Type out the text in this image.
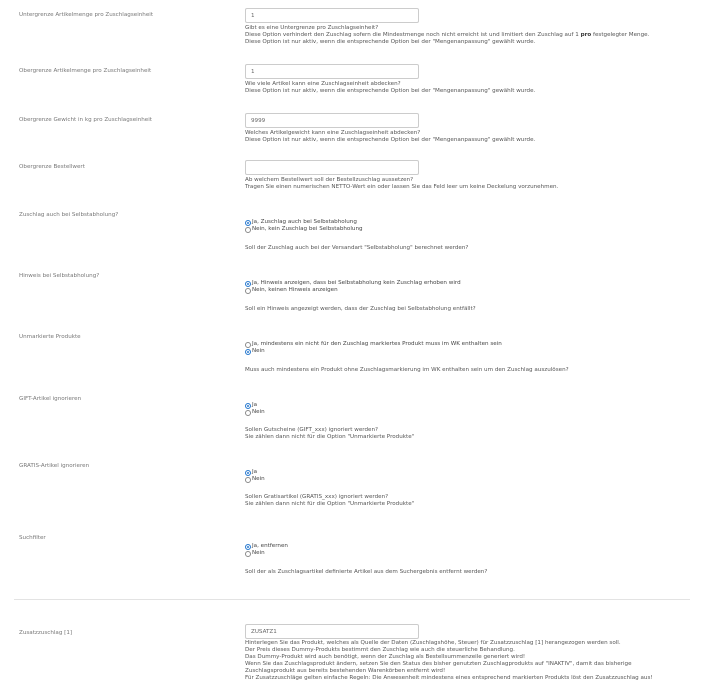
Untergrenze Artikelmenge pro Zuschlagseinheit
1
Gibt es eine Untergrenze pro Zuschlagseinheit?
Diese Option verhindert den Zuschlag sofern die Mindestmenge noch nicht erreicht ist und limitiert den Zuschlag auf 1 pro festgelegter Menge.
Diese Option ist nur aktiv, wenn die entsprechende Option bei der "Mengenanpassung" gewählt wurde.
Obergrenze Artikelmenge pro Zuschlagseinheit
1
Wie viele Artikel kann eine Zuschlagseinheit abdecken?
Diese Option ist nur aktiv, wenn die entsprechende Option bei der "Mengenanpassung" gewählt wurde.
Obergrenze Gewicht in kg pro Zuschlagseinheit
9999
Welches Artikelgewicht kann eine Zuschlagseinheit abdecken?
Diese Option ist nur aktiv, wenn die entsprechende Option bei der "Mengenanpassung" gewählt wurde.
Obergrenze Bestellwert
Ab welchem Bestellwert soll der Bestellzuschlag aussetzen?
Tragen Sie einen numerischen NETTO-Wert ein oder lassen Sie das Feld leer um keine Deckelung vorzunehmen.
Zuschlag auch bei Selbstabholung?
Ja, Zuschlag auch bei Selbstabholung
Nein, kein Zuschlag bei Selbstabholung
Soll der Zuschlag auch bei der Versandart "Selbstabholung" berechnet werden?
Hinweis bei Selbstabholung?
Ja, Hinweis anzeigen, dass bei Selbstabholung kein Zuschlag erhoben wird
Nein, keinen Hinweis anzeigen
Soll ein Hinweis angezeigt werden, dass der Zuschlag bei Selbstabholung entfällt?
Unmarkierte Produkte
Ja, mindestens ein nicht für den Zuschlag markiertes Produkt muss im WK enthalten sein
Nein
Muss auch mindestens ein Produkt ohne Zuschlagsmarkierung im WK enthalten sein um den Zuschlag auszulösen?
GIFT-Artikel ignorieren
Ja
Nein
Sollen Gutscheine (GIFT_xxx) ignoriert werden?
Sie zählen dann nicht für die Option "Unmarkierte Produkte"
GRATIS-Artikel ignorieren
Ja
Nein
Sollen Gratisartikel (GRATIS_xxx) ignoriert werden?
Sie zählen dann nicht für die Option "Unmarkierte Produkte"
Suchfilter
Ja, entfernen
Nein
Soll der als Zuschlagsartikel definierte Artikel aus dem Suchergebnis entfernt werden?
Zusatzzuschlag [1]
ZUSATZ1
Hinterlegen Sie das Produkt, welches als Quelle der Daten (Zuschlagshöhe, Steuer) für Zusatzzuschlag [1] herangezogen werden soll.
Der Preis dieses Dummy-Produkts bestimmt den Zuschlag wie auch die steuerliche Behandlung.
Das Dummy-Produkt wird auch benötigt, wenn der Zuschlag als Bestellsummenzeile generiert wird!
Wenn Sie das Zuschlagsprodukt ändern, setzen Sie den Status des bisher genutzten Zuschlagprodukts auf "INAKTIV", damit das bisherige
Zuschlagsprodukt aus bereits bestehenden Warenkörben entfernt wird!
Für Zusatzzuschläge gelten einfache Regeln: Die Anwesenheit mindestens eines entsprechend markierten Produkts löst den Zusatzzuschlag aus!
